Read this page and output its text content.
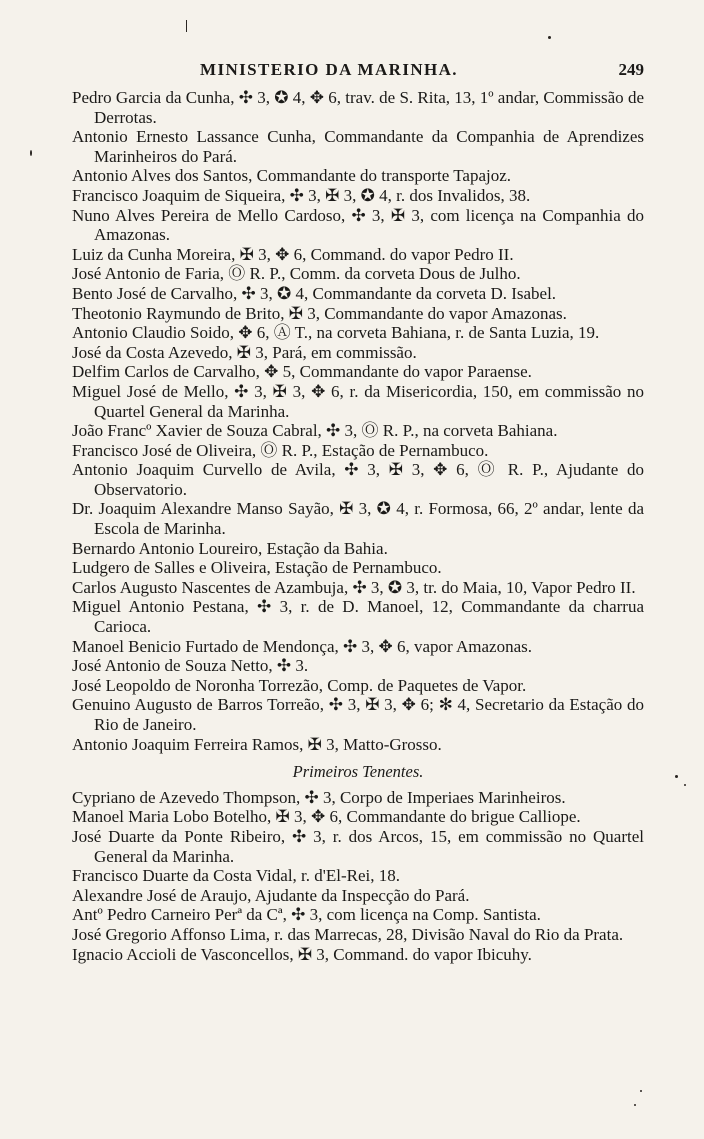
MINISTERIO DA MARINHA.	249

Pedro Garcia da Cunha, ✣ 3, ✪ 4, ✥ 6, trav. de S. Rita, 13, 1º andar, Commissão de Derrotas.

Antonio Ernesto Lassance Cunha, Commandante da Companhia de Aprendizes Marinheiros do Pará.

Antonio Alves dos Santos, Commandante do transporte Tapajoz.

Francisco Joaquim de Siqueira, ✣ 3, ✠ 3, ✪ 4, r. dos Invalidos, 38.

Nuno Alves Pereira de Mello Cardoso, ✣ 3, ✠ 3, com licença na Companhia do Amazonas.

Luiz da Cunha Moreira, ✠ 3, ✥ 6, Command. do vapor Pedro II.

José Antonio de Faria, Ⓞ R. P., Comm. da corveta Dous de Julho.

Bento José de Carvalho, ✣ 3, ✪ 4, Commandante da corveta D. Isabel.

Theotonio Raymundo de Brito, ✠ 3, Commandante do vapor Amazonas.

Antonio Claudio Soido, ✥ 6, Ⓐ T., na corveta Bahiana, r. de Santa Luzia, 19.

José da Costa Azevedo, ✠ 3, Pará, em commissão.

Delfim Carlos de Carvalho, ✥ 5, Commandante do vapor Paraense.

Miguel José de Mello, ✣ 3, ✠ 3, ✥ 6, r. da Misericordia, 150, em commissão no Quartel General da Marinha.

João Francº Xavier de Souza Cabral, ✣ 3, Ⓞ R. P., na corveta Bahiana.

Francisco José de Oliveira, Ⓞ R. P., Estação de Pernambuco.

Antonio Joaquim Curvello de Avila, ✣ 3, ✠ 3, ✥ 6, Ⓞ R. P., Ajudante do Observatorio.

Dr. Joaquim Alexandre Manso Sayão, ✠ 3, ✪ 4, r. Formosa, 66, 2º andar, lente da Escola de Marinha.

Bernardo Antonio Loureiro, Estação da Bahia.

Ludgero de Salles e Oliveira, Estação de Pernambuco.

Carlos Augusto Nascentes de Azambuja, ✣ 3, ✪ 3, tr. do Maia, 10, Vapor Pedro II.

Miguel Antonio Pestana, ✣ 3, r. de D. Manoel, 12, Commandante da charrua Carioca.

Manoel Benicio Furtado de Mendonça, ✣ 3, ✥ 6, vapor Amazonas.

José Antonio de Souza Netto, ✣ 3.

José Leopoldo de Noronha Torrezão, Comp. de Paquetes de Vapor.

Genuino Augusto de Barros Torreão, ✣ 3, ✠ 3, ✥ 6; ✻ 4, Secretario da Estação do Rio de Janeiro.

Antonio Joaquim Ferreira Ramos, ✠ 3, Matto-Grosso.

Primeiros Tenentes.

Cypriano de Azevedo Thompson, ✣ 3, Corpo de Imperiaes Marinheiros.

Manoel Maria Lobo Botelho, ✠ 3, ✥ 6, Commandante do brigue Calliope.

José Duarte da Ponte Ribeiro, ✣ 3, r. dos Arcos, 15, em commissão no Quartel General da Marinha.

Francisco Duarte da Costa Vidal, r. d'El-Rei, 18.

Alexandre José de Araujo, Ajudante da Inspecção do Pará.

Antº Pedro Carneiro Perª da Cª, ✣ 3, com licença na Comp. Santista.

José Gregorio Affonso Lima, r. das Marrecas, 28, Divisão Naval do Rio da Prata.

Ignacio Accioli de Vasconcellos, ✠ 3, Command. do vapor Ibicuhy.
